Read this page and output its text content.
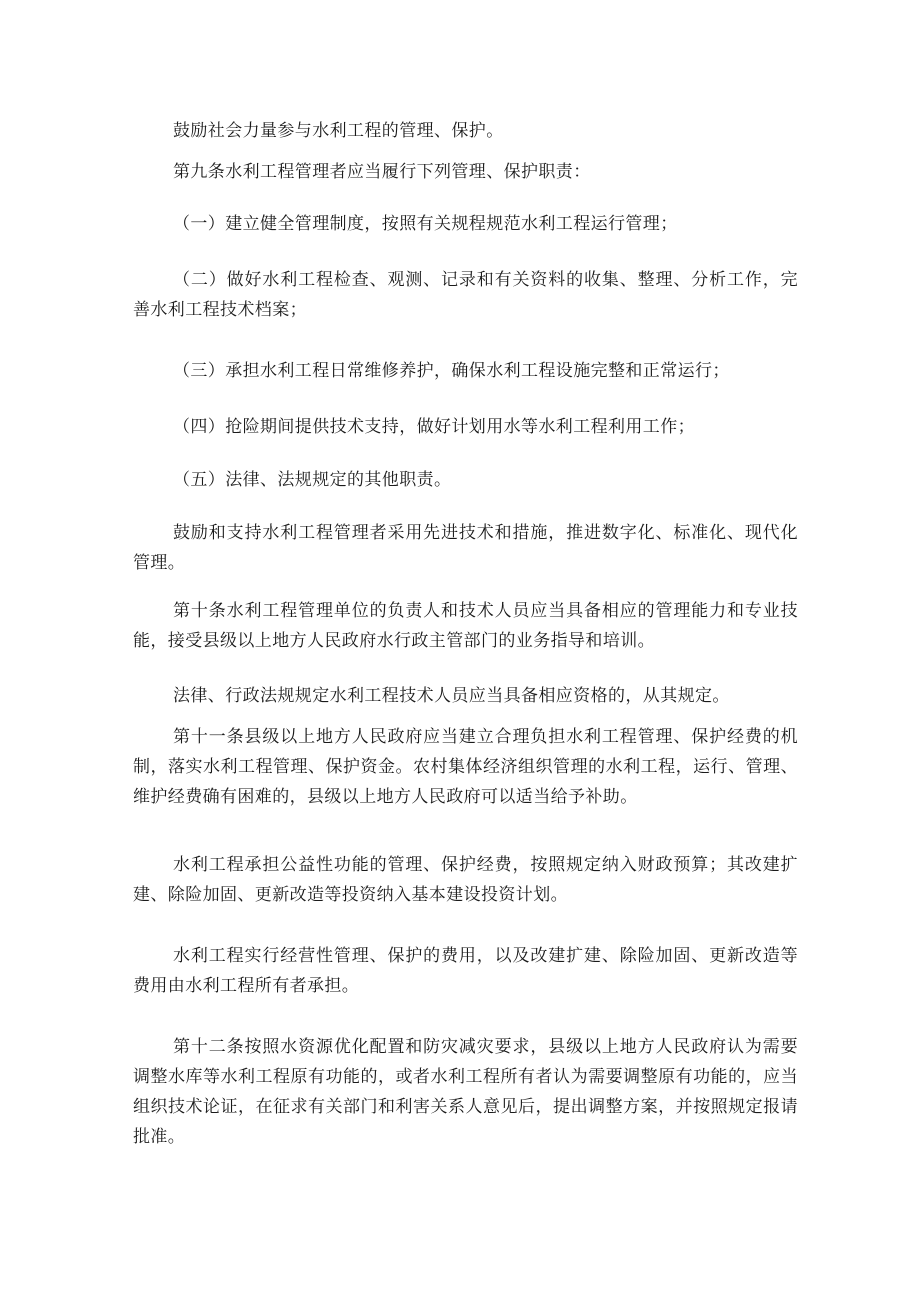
鼓励社会力量参与水利工程的管理、保护。

第九条水利工程管理者应当履行下列管理、保护职责：

（一）建立健全管理制度，按照有关规程规范水利工程运行管理；

（二）做好水利工程检查、观测、记录和有关资料的收集、整理、分析工作，完善水利工程技术档案；

（三）承担水利工程日常维修养护，确保水利工程设施完整和正常运行；

（四）抢险期间提供技术支持，做好计划用水等水利工程利用工作；

（五）法律、法规规定的其他职责。

鼓励和支持水利工程管理者采用先进技术和措施，推进数字化、标准化、现代化管理。

第十条水利工程管理单位的负责人和技术人员应当具备相应的管理能力和专业技能，接受县级以上地方人民政府水行政主管部门的业务指导和培训。

法律、行政法规规定水利工程技术人员应当具备相应资格的，从其规定。

第十一条县级以上地方人民政府应当建立合理负担水利工程管理、保护经费的机制，落实水利工程管理、保护资金。农村集体经济组织管理的水利工程，运行、管理、维护经费确有困难的，县级以上地方人民政府可以适当给予补助。

水利工程承担公益性功能的管理、保护经费，按照规定纳入财政预算；其改建扩建、除险加固、更新改造等投资纳入基本建设投资计划。

水利工程实行经营性管理、保护的费用，以及改建扩建、除险加固、更新改造等费用由水利工程所有者承担。

第十二条按照水资源优化配置和防灾减灾要求，县级以上地方人民政府认为需要调整水库等水利工程原有功能的，或者水利工程所有者认为需要调整原有功能的，应当组织技术论证，在征求有关部门和利害关系人意见后，提出调整方案，并按照规定报请批准。
